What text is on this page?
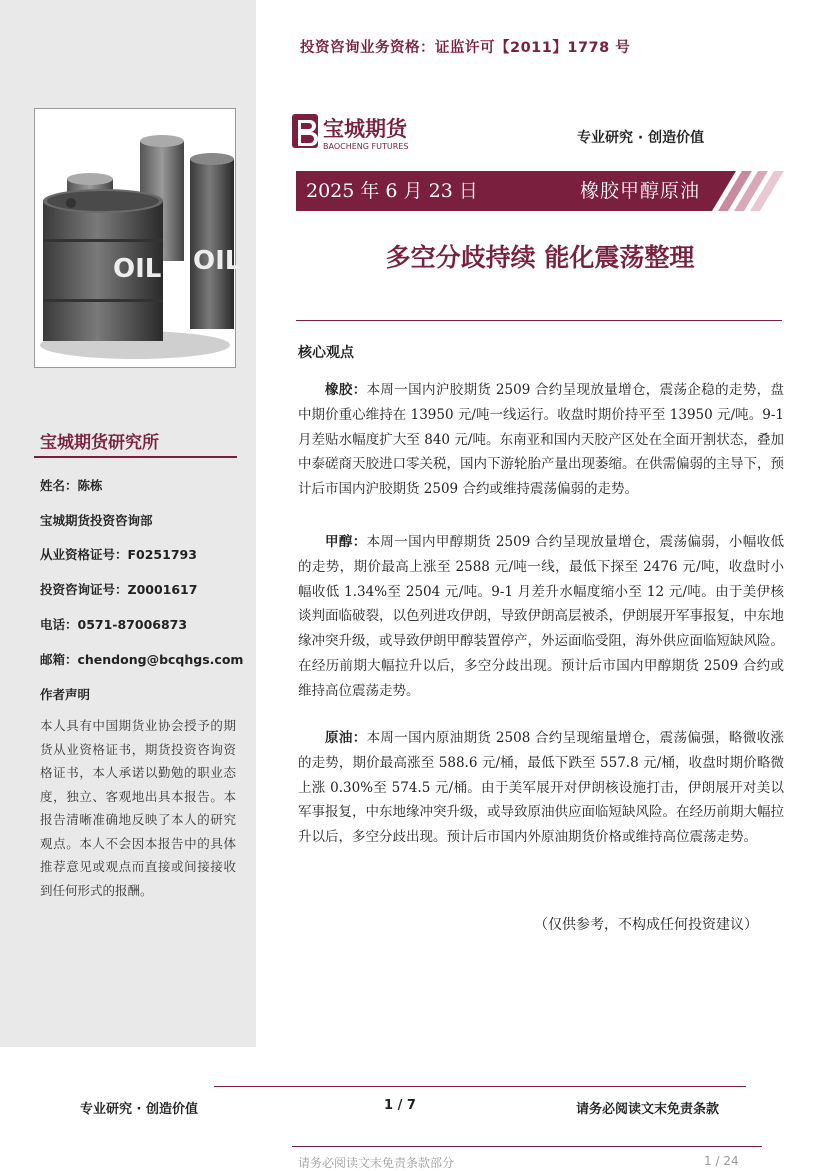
投资咨询业务资格：证监许可【2011】1778 号
OIL
OIL
宝城期货研究所
姓名：陈栋
宝城期货投资咨询部
从业资格证号：F0251793
投资咨询证号：Z0001617
电话：0571-87006873
邮箱：chendong@bcqhgs.com
作者声明
本人具有中国期货业协会授予的期货从业资格证书，期货投资咨询资格证书，本人承诺以勤勉的职业态度，独立、客观地出具本报告。本报告清晰准确地反映了本人的研究观点。本人不会因本报告中的具体推荐意见或观点而直接或间接接收到任何形式的报酬。
宝城期货
BAOCHENG FUTURES
专业研究 · 创造价值
2025 年 6 月 23 日	橡胶甲醇原油
多空分歧持续 能化震荡整理
核心观点

橡胶：本周一国内沪胶期货 2509 合约呈现放量增仓，震荡企稳的走势，盘中期价重心维持在 13950 元/吨一线运行。收盘时期价持平至 13950 元/吨。9-1 月差贴水幅度扩大至 840 元/吨。东南亚和国内天胶产区处在全面开割状态，叠加中泰磋商天胶进口零关税，国内下游轮胎产量出现萎缩。在供需偏弱的主导下，预计后市国内沪胶期货 2509 合约或维持震荡偏弱的走势。

甲醇：本周一国内甲醇期货 2509 合约呈现放量增仓，震荡偏弱，小幅收低的走势，期价最高上涨至 2588 元/吨一线，最低下探至 2476 元/吨，收盘时小幅收低 1.34%至 2504 元/吨。9-1 月差升水幅度缩小至 12 元/吨。由于美伊核谈判面临破裂，以色列进攻伊朗，导致伊朗高层被杀，伊朗展开军事报复，中东地缘冲突升级，或导致伊朗甲醇装置停产，外运面临受阻，海外供应面临短缺风险。在经历前期大幅拉升以后，多空分歧出现。预计后市国内甲醇期货 2509 合约或维持高位震荡走势。

原油：本周一国内原油期货 2508 合约呈现缩量增仓，震荡偏强，略微收涨的走势，期价最高涨至 588.6 元/桶，最低下跌至 557.8 元/桶，收盘时期价略微上涨 0.30%至 574.5 元/桶。由于美军展开对伊朗核设施打击，伊朗展开对美以军事报复，中东地缘冲突升级，或导致原油供应面临短缺风险。在经历前期大幅拉升以后，多空分歧出现。预计后市国内外原油期货价格或维持高位震荡走势。

（仅供参考，不构成任何投资建议）
专业研究 · 创造价值	1 / 7	请务必阅读文末免责条款
请务必阅读文末免责条款部分	1 / 24
